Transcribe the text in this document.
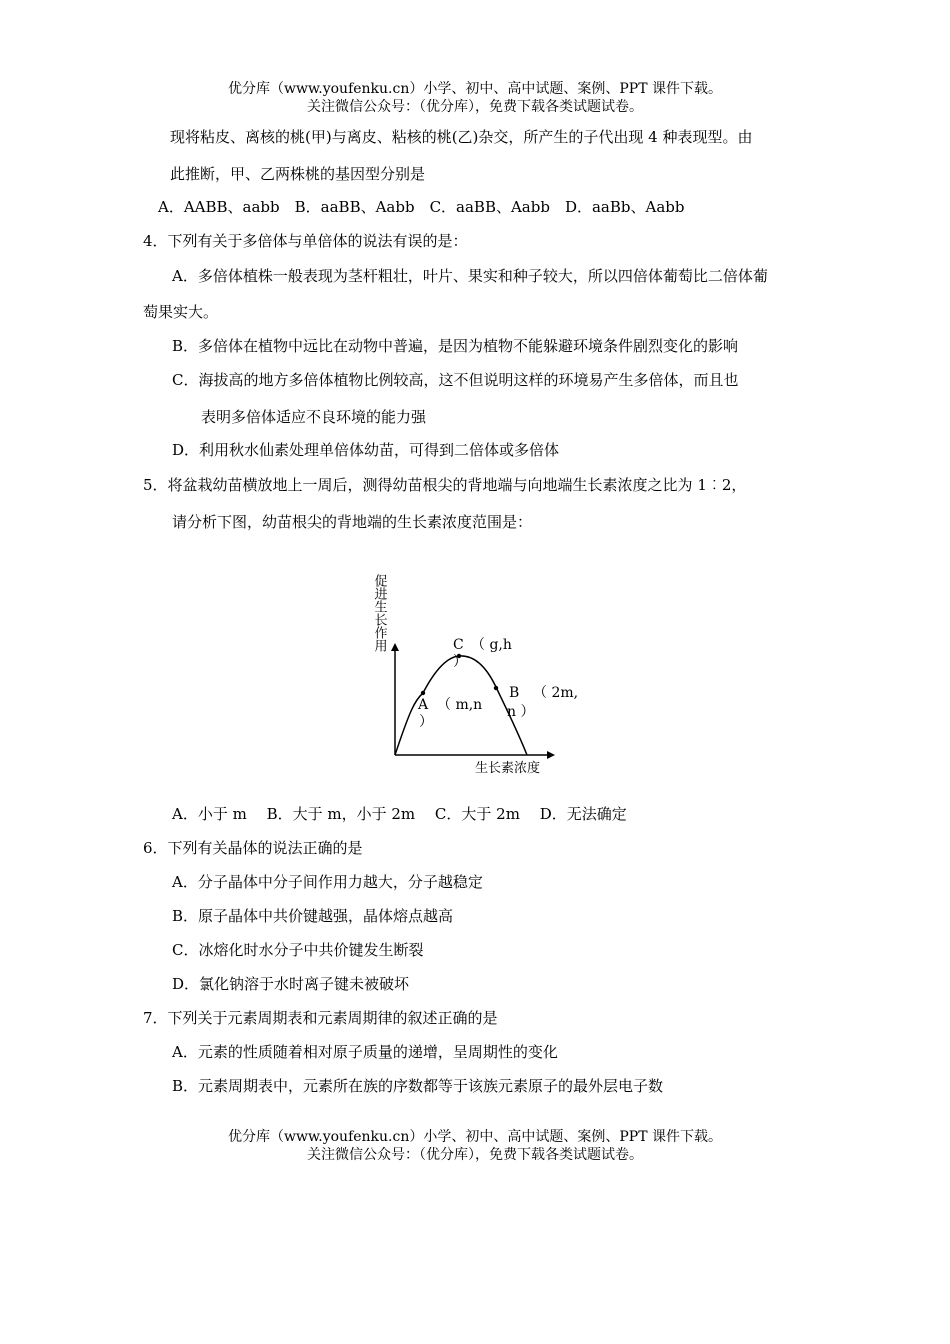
优分库（www.youfenku.cn）小学、初中、高中试题、案例、PPT 课件下载。
关注微信公众号：（优分库），免费下载各类试题试卷。
现将粘皮、离核的桃(甲)与离皮、粘核的桃(乙)杂交，所产生的子代出现 4 种表现型。由
此推断，甲、乙两株桃的基因型分别是
A．AABB、aabb　B．aaBB、Aabb　C．aaBB、Aabb　D．aaBb、Aabb
4．下列有关于多倍体与单倍体的说法有误的是：
A．多倍体植株一般表现为茎杆粗壮，叶片、果实和种子较大，所以四倍体葡萄比二倍体葡
萄果实大。
B．多倍体在植物中远比在动物中普遍，是因为植物不能躲避环境条件剧烈变化的影响
C．海拔高的地方多倍体植物比例较高，这不但说明这样的环境易产生多倍体，而且也
表明多倍体适应不良环境的能力强
D．利用秋水仙素处理单倍体幼苗，可得到二倍体或多倍体
5．将盆栽幼苗横放地上一周后，测得幼苗根尖的背地端与向地端生长素浓度之比为 1︰2，
请分析下图，幼苗根尖的背地端的生长素浓度范围是：
促进生长作用
生长素浓度
C （ g,h
）
A （ m,n
）
B （ 2m,
n ）
A．小于 m　 B．大于 m，小于 2m　 C．大于 2m　 D．无法确定
6．下列有关晶体的说法正确的是
A．分子晶体中分子间作用力越大，分子越稳定
B．原子晶体中共价键越强，晶体熔点越高
C．冰熔化时水分子中共价键发生断裂
D．氯化钠溶于水时离子键未被破坏
7．下列关于元素周期表和元素周期律的叙述正确的是
A．元素的性质随着相对原子质量的递增，呈周期性的变化
B．元素周期表中，元素所在族的序数都等于该族元素原子的最外层电子数
优分库（www.youfenku.cn）小学、初中、高中试题、案例、PPT 课件下载。
关注微信公众号：（优分库），免费下载各类试题试卷。
